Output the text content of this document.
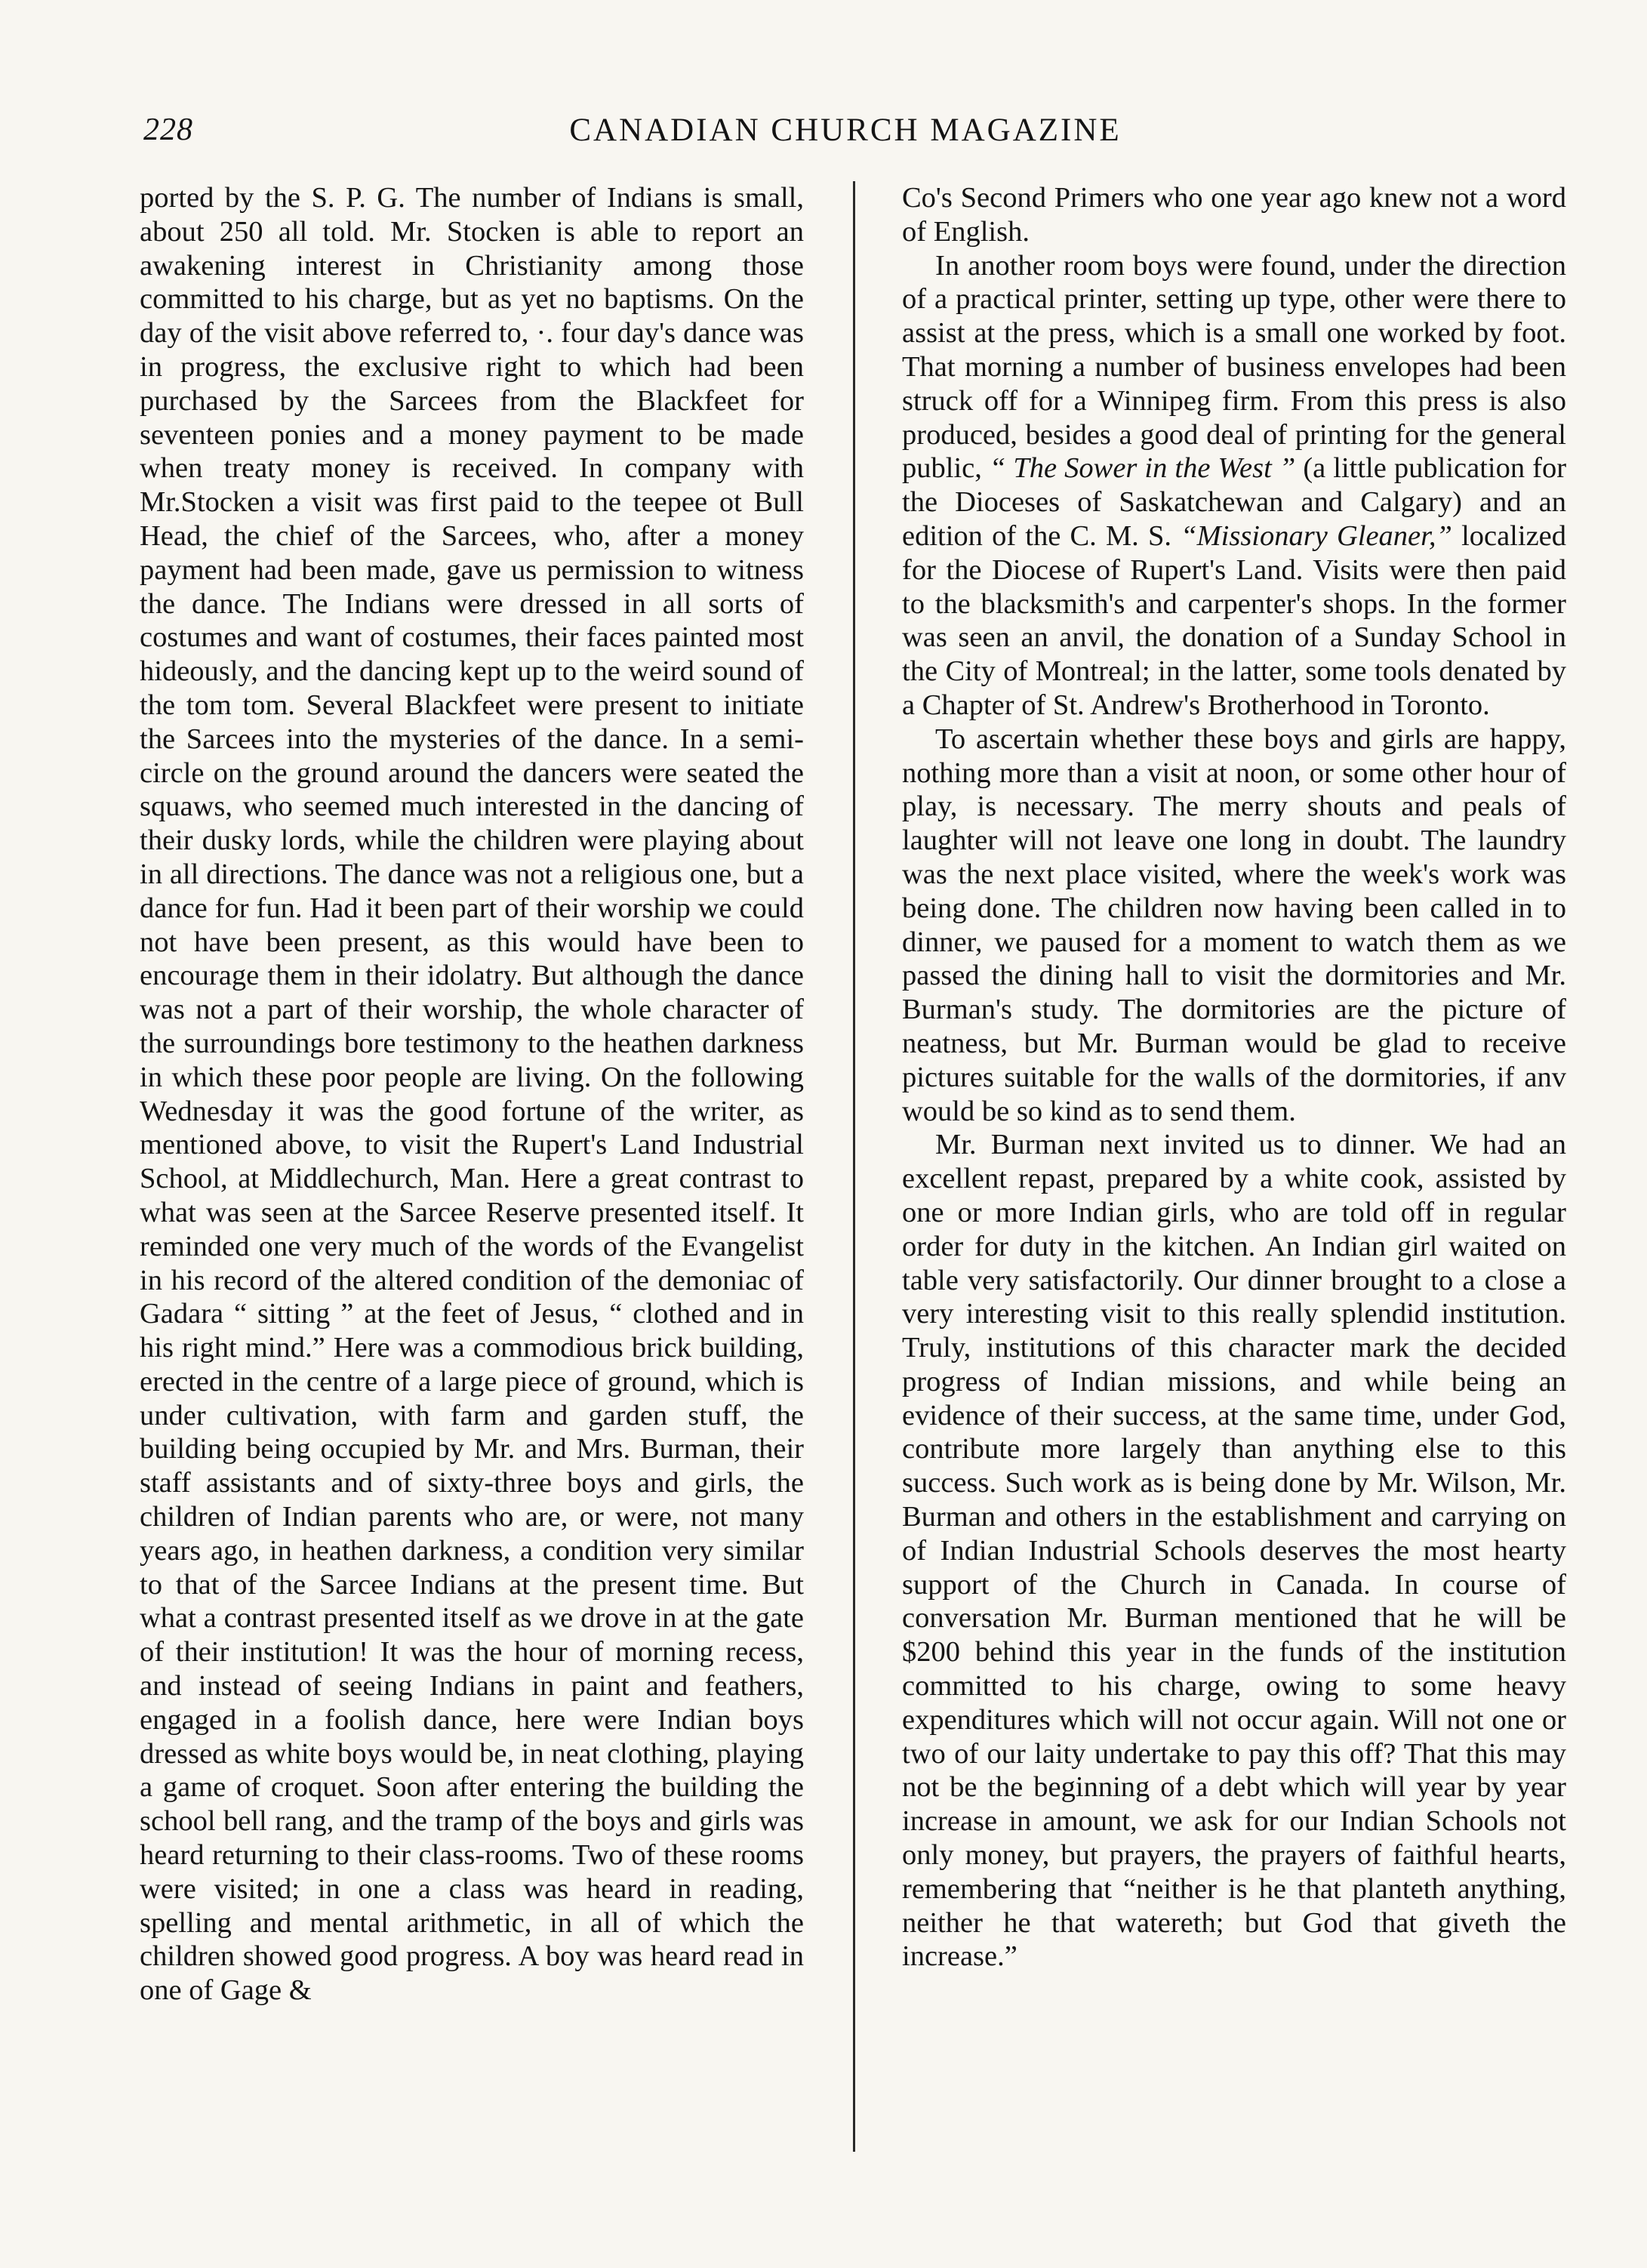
228	CANADIAN CHURCH MAGAZINE

ported by the S. P. G. The number of Indians is small, about 250 all told. Mr. Stocken is able to report an awakening interest in Christianity among those committed to his charge, but as yet no baptisms. On the day of the visit above referred to, ·. four day's dance was in progress, the exclusive right to which had been purchased by the Sarcees from the Blackfeet for seventeen ponies and a money payment to be made when treaty money is received. In company with Mr.Stocken a visit was first paid to the teepee ot Bull Head, the chief of the Sarcees, who, after a money payment had been made, gave us permission to witness the dance. The Indians were dressed in all sorts of costumes and want of costumes, their faces painted most hideously, and the dancing kept up to the weird sound of the tom tom. Several Blackfeet were present to initiate the Sarcees into the mysteries of the dance. In a semi-circle on the ground around the dancers were seated the squaws, who seemed much interested in the dancing of their dusky lords, while the children were playing about in all directions. The dance was not a religious one, but a dance for fun. Had it been part of their worship we could not have been present, as this would have been to encourage them in their idolatry. But although the dance was not a part of their worship, the whole character of the surroundings bore testimony to the heathen darkness in which these poor people are living. On the following Wednesday it was the good fortune of the writer, as mentioned above, to visit the Rupert's Land Industrial School, at Middlechurch, Man. Here a great contrast to what was seen at the Sarcee Reserve presented itself. It reminded one very much of the words of the Evangelist in his record of the altered condition of the demoniac of Gadara “ sitting ” at the feet of Jesus, “ clothed and in his right mind.” Here was a commodious brick building, erected in the centre of a large piece of ground, which is under cultivation, with farm and garden stuff, the building being occupied by Mr. and Mrs. Burman, their staff assistants and of sixty-three boys and girls, the children of Indian parents who are, or were, not many years ago, in heathen darkness, a condition very similar to that of the Sarcee Indians at the present time. But what a contrast presented itself as we drove in at the gate of their institution! It was the hour of morning recess, and instead of seeing Indians in paint and feathers, engaged in a foolish dance, here were Indian boys dressed as white boys would be, in neat clothing, playing a game of croquet. Soon after entering the building the school bell rang, and the tramp of the boys and girls was heard returning to their class-rooms. Two of these rooms were visited; in one a class was heard in reading, spelling and mental arithmetic, in all of which the children showed good progress. A boy was heard read in one of Gage &

Co's Second Primers who one year ago knew not a word of English.

In another room boys were found, under the direction of a practical printer, setting up type, other were there to assist at the press, which is a small one worked by foot. That morning a number of business envelopes had been struck off for a Winnipeg firm. From this press is also produced, besides a good deal of printing for the general public, “ The Sower in the West ” (a little publication for the Dioceses of Saskatchewan and Calgary) and an edition of the C. M. S. “Missionary Gleaner,” localized for the Diocese of Rupert's Land. Visits were then paid to the blacksmith's and carpenter's shops. In the former was seen an anvil, the donation of a Sunday School in the City of Montreal; in the latter, some tools denated by a Chapter of St. Andrew's Brotherhood in Toronto.

To ascertain whether these boys and girls are happy, nothing more than a visit at noon, or some other hour of play, is necessary. The merry shouts and peals of laughter will not leave one long in doubt. The laundry was the next place visited, where the week's work was being done. The children now having been called in to dinner, we paused for a moment to watch them as we passed the dining hall to visit the dormitories and Mr. Burman's study. The dormitories are the picture of neatness, but Mr. Burman would be glad to receive pictures suitable for the walls of the dormitories, if anv would be so kind as to send them.

Mr. Burman next invited us to dinner. We had an excellent repast, prepared by a white cook, assisted by one or more Indian girls, who are told off in regular order for duty in the kitchen. An Indian girl waited on table very satisfactorily. Our dinner brought to a close a very interesting visit to this really splendid institution. Truly, institutions of this character mark the decided progress of Indian missions, and while being an evidence of their success, at the same time, under God, contribute more largely than anything else to this success. Such work as is being done by Mr. Wilson, Mr. Burman and others in the establishment and carrying on of Indian Industrial Schools deserves the most hearty support of the Church in Canada. In course of conversation Mr. Burman mentioned that he will be $200 behind this year in the funds of the institution committed to his charge, owing to some heavy expenditures which will not occur again. Will not one or two of our laity undertake to pay this off? That this may not be the beginning of a debt which will year by year increase in amount, we ask for our Indian Schools not only money, but prayers, the prayers of faithful hearts, remembering that “neither is he that planteth anything, neither he that watereth; but God that giveth the increase.”
